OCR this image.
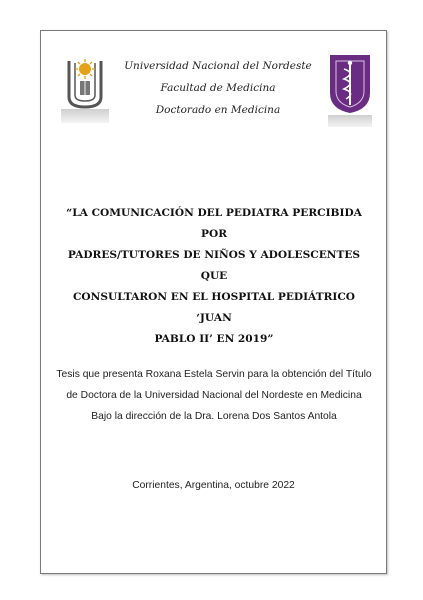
Universidad Nacional del Nordeste
Facultad de Medicina
Doctorado en Medicina
“LA COMUNICACIÓN DEL PEDIATRA PERCIBIDA POR
PADRES/TUTORES DE NIÑOS Y ADOLESCENTES QUE
CONSULTARON EN EL HOSPITAL PEDIÁTRICO ‘JUAN
PABLO II’ EN 2019”
Tesis que presenta Roxana Estela Servin para la obtención del Título
de Doctora de la Universidad Nacional del Nordeste en Medicina
Bajo la dirección de la Dra. Lorena Dos Santos Antola
Corrientes, Argentina, octubre 2022
